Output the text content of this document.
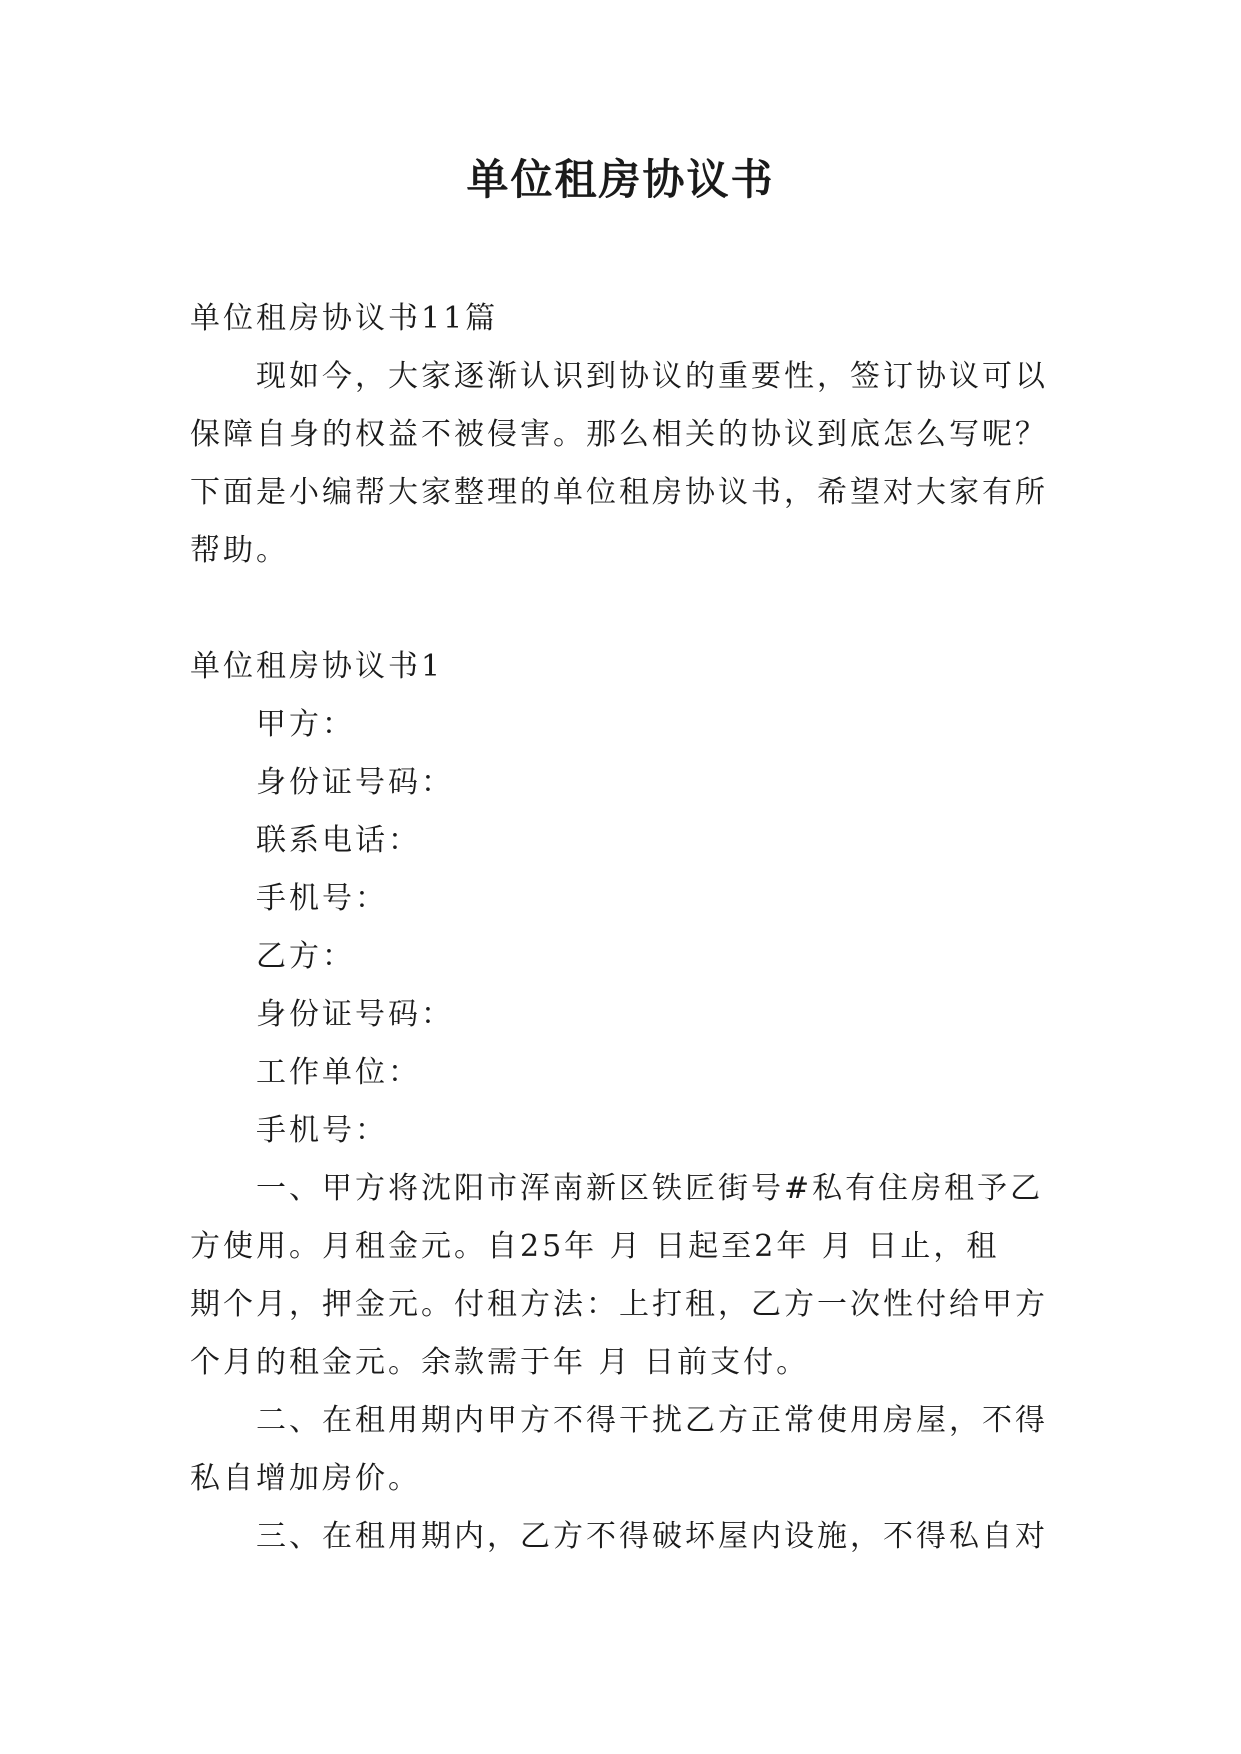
单位租房协议书

单位租房协议书11篇

现如今，大家逐渐认识到协议的重要性，签订协议可以

保障自身的权益不被侵害。那么相关的协议到底怎么写呢？

下面是小编帮大家整理的单位租房协议书，希望对大家有所

帮助。

单位租房协议书1

甲方：

身份证号码：

联系电话：

手机号：

乙方：

身份证号码：

工作单位：

手机号：

一、甲方将沈阳市浑南新区铁匠街号#私有住房租予乙

方使用。月租金元。自25年 月 日起至2年 月 日止，租

期个月，押金元。付租方法：上打租，乙方一次性付给甲方

个月的租金元。余款需于年 月 日前支付。

二、在租用期内甲方不得干扰乙方正常使用房屋，不得

私自增加房价。

三、在租用期内，乙方不得破坏屋内设施，不得私自对
